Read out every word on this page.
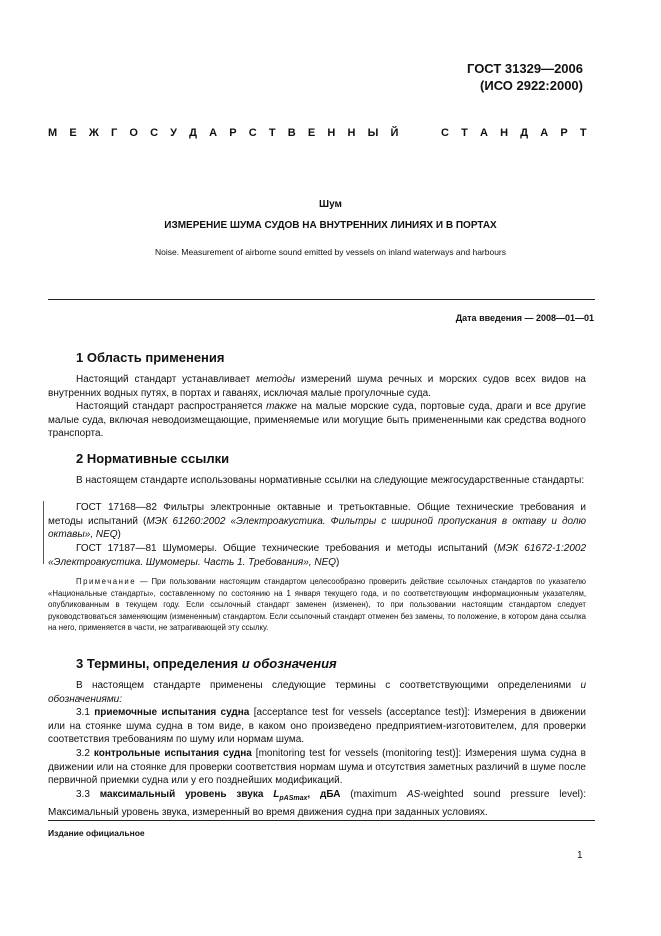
ГОСТ 31329—2006
(ИСО 2922:2000)
М Е Ж Г О С У Д А Р С Т В Е Н Н Ы Й

	С Т А Н Д А Р Т
Шум
ИЗМЕРЕНИЕ ШУМА СУДОВ НА ВНУТРЕННИХ ЛИНИЯХ И В ПОРТАХ
Noise. Measurement of airborne sound emitted by vessels on inland waterways and harbours
Дата введения — 2008—01—01
1 Область применения
Настоящий стандарт устанавливает методы измерений шума речных и морских судов всех видов на внутренних водных путях, в портах и гаванях, исключая малые прогулочные суда.
Настоящий стандарт распространяется также на малые морские суда, портовые суда, драги и все другие малые суда, включая неводоизмещающие, применяемые или могущие быть примененными как средства водного транспорта.
2 Нормативные ссылки
В настоящем стандарте использованы нормативные ссылки на следующие межгосударственные стандарты:
ГОСТ 17168—82 Фильтры электронные октавные и третьоктавные. Общие технические требования и методы испытаний (МЭК 61260:2002 «Электроакустика. Фильтры с шириной пропускания в октаву и долю октавы», NEQ)
ГОСТ 17187—81 Шумомеры. Общие технические требования и методы испытаний (МЭК 61672-1:2002 «Электроакустика. Шумомеры. Часть 1. Требования», NEQ)
Примечание — При пользовании настоящим стандартом целесообразно проверить действие ссылочных стандартов по указателю «Национальные стандарты», составленному по состоянию на 1 января текущего года, и по соответствующим информационным указателям, опубликованным в текущем году. Если ссылочный стандарт заменен (изменен), то при пользовании настоящим стандартом следует руководствоваться заменяющим (измененным) стандартом. Если ссылочный стандарт отменен без замены, то положение, в котором дана ссылка на него, применяется в части, не затрагивающей эту ссылку.
3 Термины, определения и обозначения
В настоящем стандарте применены следующие термины с соответствующими определениями и обозначениями:
3.1 приемочные испытания судна [acceptance test for vessels (acceptance test)]: Измерения в движении или на стоянке шума судна в том виде, в каком оно произведено предприятием-изготовителем, для проверки соответствия требованиям по шуму или нормам шума.
3.2 контрольные испытания судна [monitoring test for vessels (monitoring test)]: Измерения шума судна в движении или на стоянке для проверки соответствия нормам шума и отсутствия заметных различий в шуме после первичной приемки судна или у его позднейших модификаций.
3.3 максимальный уровень звука $L_{pASmax}$, дБА (maximum AS-weighted sound pressure level): Максимальный уровень звука, измеренный во время движения судна при заданных условиях.
Издание официальное
1
